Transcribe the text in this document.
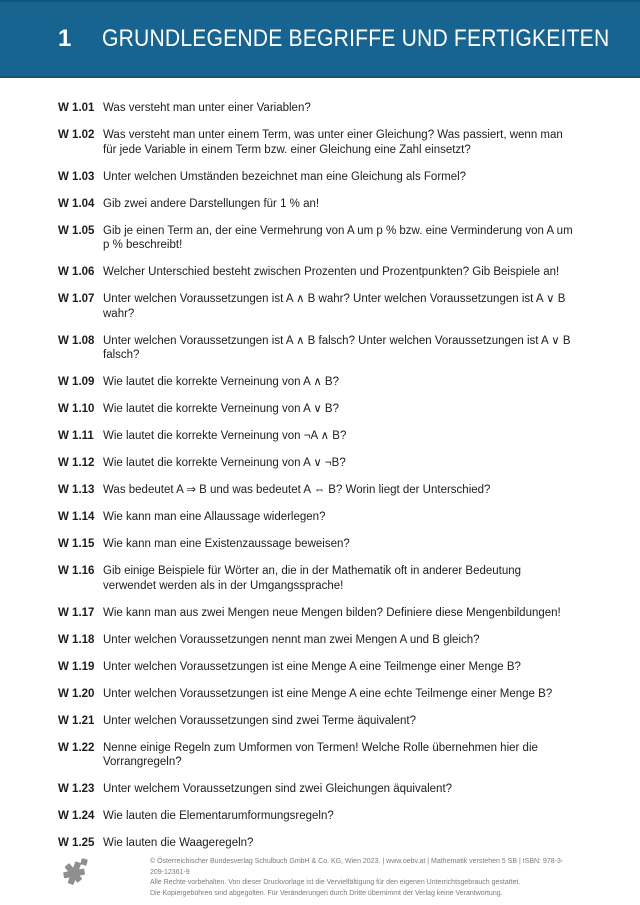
1	GRUNDLEGENDE BEGRIFFE UND FERTIGKEITEN
W 1.01 Was versteht man unter einer Variablen?
W 1.02 Was versteht man unter einem Term, was unter einer Gleichung? Was passiert, wenn man für jede Variable in einem Term bzw. einer Gleichung eine Zahl einsetzt?
W 1.03 Unter welchen Umständen bezeichnet man eine Gleichung als Formel?
W 1.04 Gib zwei andere Darstellungen für 1 % an!
W 1.05 Gib je einen Term an, der eine Vermehrung von A um p % bzw. eine Verminderung von A um p % beschreibt!
W 1.06 Welcher Unterschied besteht zwischen Prozenten und Prozentpunkten? Gib Beispiele an!
W 1.07 Unter welchen Voraussetzungen ist A ∧ B wahr? Unter welchen Voraussetzungen ist A ∨ B wahr?
W 1.08 Unter welchen Voraussetzungen ist A ∧ B falsch? Unter welchen Voraussetzungen ist A ∨ B falsch?
W 1.09 Wie lautet die korrekte Verneinung von A ∧ B?
W 1.10 Wie lautet die korrekte Verneinung von A ∨ B?
W 1.11 Wie lautet die korrekte Verneinung von ¬A ∧ B?
W 1.12 Wie lautet die korrekte Verneinung von A ∨ ¬B?
W 1.13 Was bedeutet A ⇒ B und was bedeutet A ⇔ B? Worin liegt der Unterschied?
W 1.14 Wie kann man eine Allaussage widerlegen?
W 1.15 Wie kann man eine Existenzaussage beweisen?
W 1.16 Gib einige Beispiele für Wörter an, die in der Mathematik oft in anderer Bedeutung verwendet werden als in der Umgangssprache!
W 1.17 Wie kann man aus zwei Mengen neue Mengen bilden? Definiere diese Mengenbildungen!
W 1.18 Unter welchen Voraussetzungen nennt man zwei Mengen A und B gleich?
W 1.19 Unter welchen Voraussetzungen ist eine Menge A eine Teilmenge einer Menge B?
W 1.20 Unter welchen Voraussetzungen ist eine Menge A eine echte Teilmenge einer Menge B?
W 1.21 Unter welchen Voraussetzungen sind zwei Terme äquivalent?
W 1.22 Nenne einige Regeln zum Umformen von Termen! Welche Rolle übernehmen hier die Vorrangregeln?
W 1.23 Unter welchem Voraussetzungen sind zwei Gleichungen äquivalent?
W 1.24 Wie lauten die Elementarumformungsregeln?
W 1.25 Wie lauten die Waageregeln?
© Österreichischer Bundesverlag Schulbuch GmbH & Co. KG, Wien 2023. | www.oebv.at | Mathematik verstehen 5 SB | ISBN: 978-3-209-12361-9
Alle Rechte vorbehalten. Von dieser Druckvorlage ist die Vervielfältigung für den eigenen Unterrichtsgebrauch gestattet.
Die Kopiergebühren sind abgegolten. Für Veränderungen durch Dritte übernimmt der Verlag keine Verantwortung.
